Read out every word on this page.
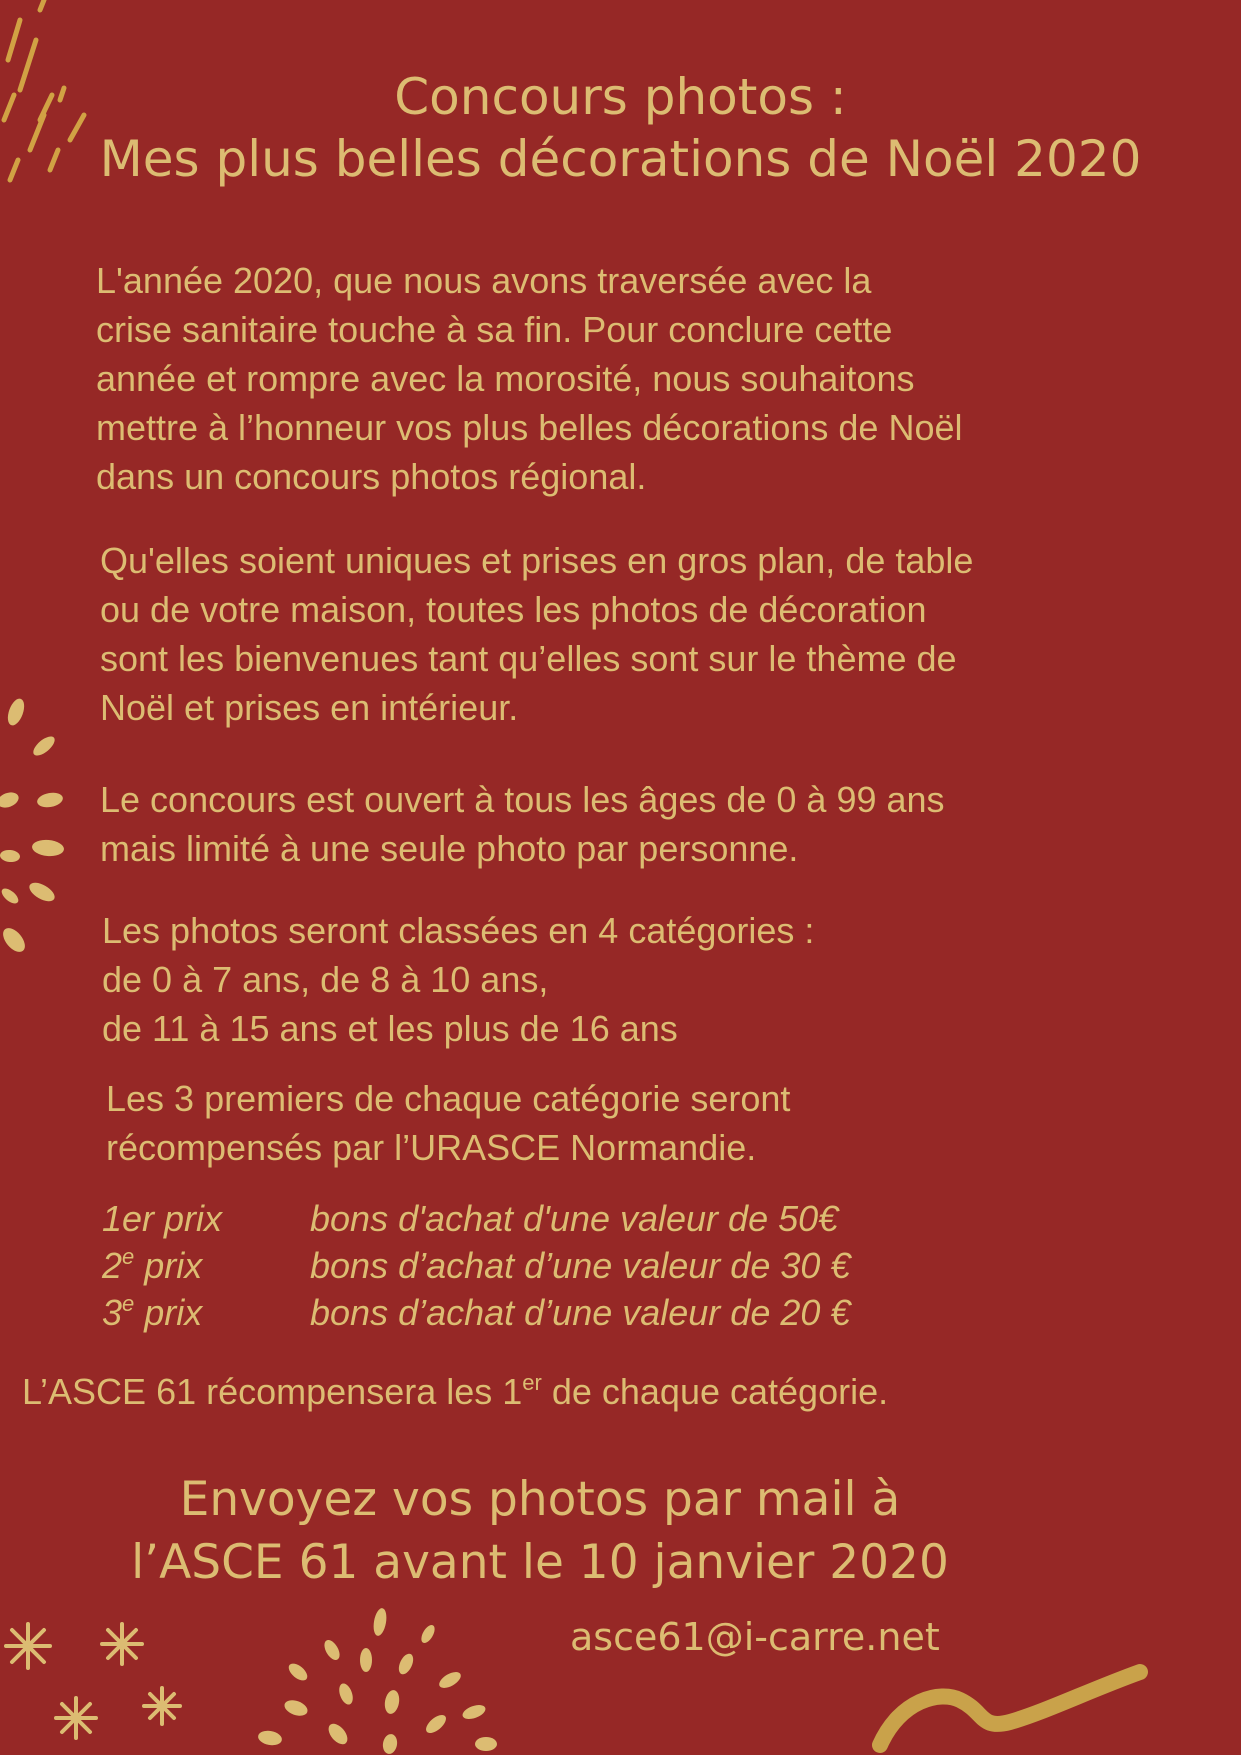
Concours photos :
Mes plus belles décorations de Noël 2020
L'année 2020, que nous avons traversée avec la
crise sanitaire touche à sa fin. Pour conclure cette
année et rompre avec la morosité, nous souhaitons
mettre à l’honneur vos plus belles décorations de Noël
dans un concours photos régional.
Qu'elles soient uniques et prises en gros plan, de table
ou de votre maison, toutes les photos de décoration
sont les bienvenues tant qu’elles sont sur le thème de
Noël et prises en intérieur.
Le concours est ouvert à tous les âges de 0 à 99 ans
mais limité à une seule photo par personne.
Les photos seront classées en 4 catégories :
de 0 à 7 ans, de 8 à 10 ans,
de 11 à 15 ans et les plus de 16 ans
Les 3 premiers de chaque catégorie seront
récompensés par l’URASCE Normandie.
1er prix bons d'achat d'une valeur de 50€
2e prix	bons d’achat d’une valeur de 30 €
3e prix	bons d’achat d’une valeur de 20 €
L’ASCE 61 récompensera les 1er de chaque catégorie.
Envoyez vos photos par mail à
l’ASCE 61 avant le 10 janvier 2020
asce61@i-carre.net
